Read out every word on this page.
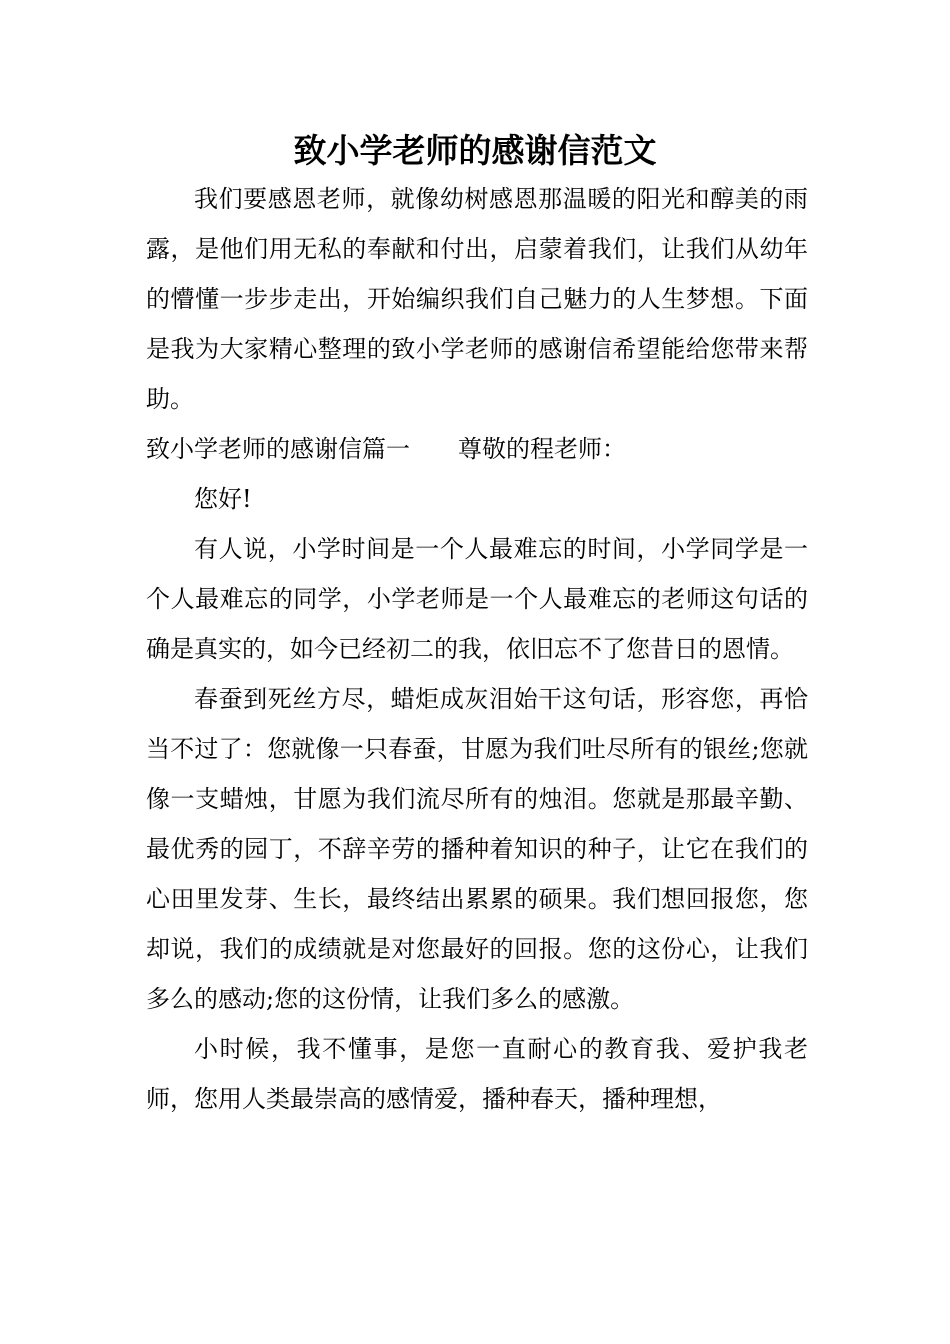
致小学老师的感谢信范文

我们要感恩老师，就像幼树感恩那温暖的阳光和醇美的雨露，是他们用无私的奉献和付出，启蒙着我们，让我们从幼年的懵懂一步步走出，开始编织我们自己魅力的人生梦想。下面是我为大家精心整理的致小学老师的感谢信希望能给您带来帮助。

致小学老师的感谢信篇一 尊敬的程老师：

您好!

有人说，小学时间是一个人最难忘的时间，小学同学是一个人最难忘的同学，小学老师是一个人最难忘的老师这句话的确是真实的，如今已经初二的我，依旧忘不了您昔日的恩情。

春蚕到死丝方尽，蜡炬成灰泪始干这句话，形容您，再恰当不过了：您就像一只春蚕，甘愿为我们吐尽所有的银丝;您就像一支蜡烛，甘愿为我们流尽所有的烛泪。您就是那最辛勤、最优秀的园丁，不辞辛劳的播种着知识的种子，让它在我们的心田里发芽、生长，最终结出累累的硕果。我们想回报您，您却说，我们的成绩就是对您最好的回报。您的这份心，让我们多么的感动;您的这份情，让我们多么的感激。

小时候，我不懂事，是您一直耐心的教育我、爱护我老师，您用人类最崇高的感情爱，播种春天，播种理想，
